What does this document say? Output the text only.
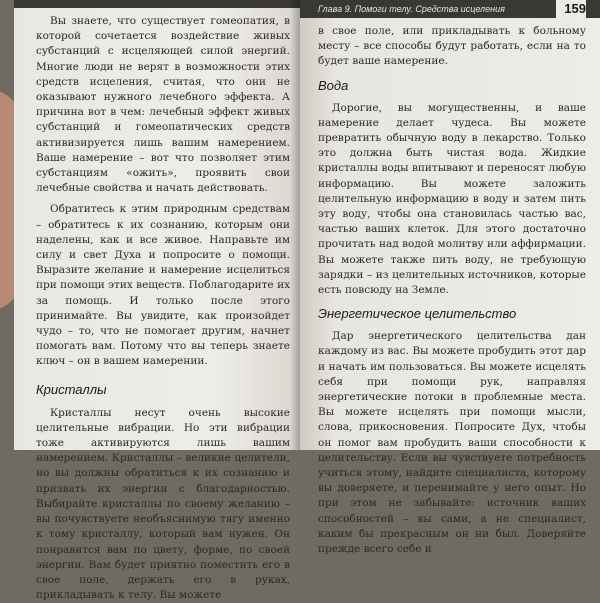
Вы знаете, что существует гомеопатия, в которой сочетается воздействие живых субстанций с исцеляющей силой энергий. Многие люди не верят в возможности этих средств исцеления, считая, что они не оказывают нужного лечебного эффекта. А причина вот в чем: лечебный эффект живых субстанций и гомеопатических средств активизируется лишь вашим намерением. Ваше намерение – вот что позволяет этим субстанциям «ожить», проявить свои лечебные свойства и начать действовать.

Обратитесь к этим природным средствам – обратитесь к их сознанию, которым они наделены, как и все живое. Направьте им силу и свет Духа и попросите о помощи. Выразите желание и намерение исцелиться при помощи этих веществ. Поблагодарите их за помощь. И только после этого принимайте. Вы увидите, как произойдет чудо – то, что не помогает другим, начнет помогать вам. Потому что вы теперь знаете ключ – он в вашем намерении.

Кристаллы

Кристаллы несут очень высокие целительные вибрации. Но эти вибрации тоже активируются лишь вашим намерением. Кристаллы – великие целители, но вы должны обратиться к их сознанию и призвать их энергии с благодарностью. Выбирайте кристаллы по своему желанию – вы почувствуете необъяснимую тягу именно к тому кристаллу, который вам нужен. Он понравится вам по цвету, форме, по своей энергии. Вам будет приятно поместить его в свое поле, держать его в руках, прикладывать к телу. Вы можете

Глава 9. Помоги телу. Средства исцеления	159

в свое поле, или прикладывать к больному месту – все способы будут работать, если на то будет ваше намерение.

Вода

Дорогие, вы могущественны, и ваше намерение делает чудеса. Вы можете превратить обычную воду в лекарство. Только это должна быть чистая вода. Жидкие кристаллы воды впитывают и переносят любую информацию. Вы можете заложить целительную информацию в воду и затем пить эту воду, чтобы она становилась частью вас, частью ваших клеток. Для этого достаточно прочитать над водой молитву или аффирмации. Вы можете также пить воду, не требующую зарядки – из целительных источников, которые есть повсюду на Земле.

Энергетическое целительство

Дар энергетического целительства дан каждому из вас. Вы можете пробудить этот дар и начать им пользоваться. Вы можете исцелять себя при помощи рук, направляя энергетические потоки в проблемные места. Вы можете исцелять при помощи мысли, слова, прикосновения. Попросите Дух, чтобы он помог вам пробудить ваши способности к целительству. Если вы чувствуете потребность учиться этому, найдите специалиста, которому вы доверяете, и перенимайте у него опыт. Но при этом не забывайте: источник ваших способностей – вы сами, а не специалист, каким бы прекрасным он ни был. Доверяйте прежде всего себе и
